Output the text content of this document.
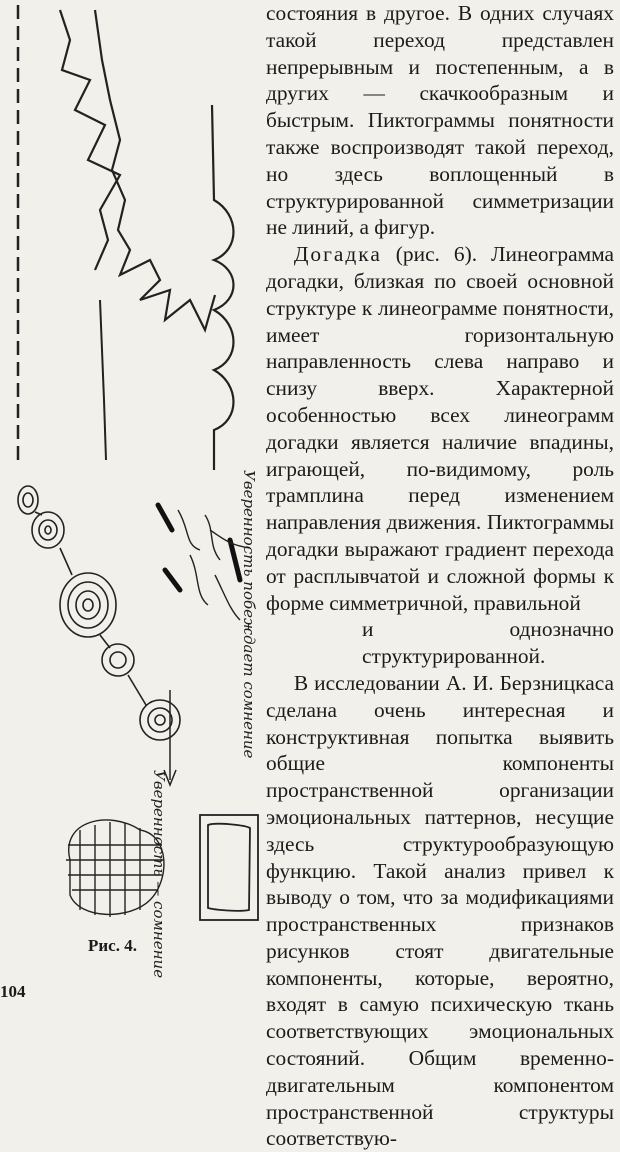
Уверенность побеждает сомнение
Уверенность — сомнение
Рис. 4.
104

состояния в другое. В одних случаях такой переход представлен непрерывным и постепенным, а в других — скачкообразным и быстрым. Пиктограммы понятности также воспроизводят такой переход, но здесь воплощенный в структурированной симметризации не линий, а фигур.

Догадка (рис. 6). Линеограмма догадки, близкая по своей основной структуре к линеограмме понятности, имеет горизонтальную направленность слева направо и снизу вверх. Характерной особенностью всех линеограмм догадки является наличие впадины, играющей, по-видимому, роль трамплина перед изменением направления движения. Пиктограммы догадки выражают градиент перехода от расплывчатой и сложной формы к форме симметричной, правильной

и однозначно структурированной.

В исследовании А. И. Берзницкаса сделана очень интересная и конструктивная попытка выявить общие компоненты пространственной организации эмоциональных паттернов, несущие здесь структурообразующую функцию. Такой анализ привел к выводу о том, что за модификациями пространственных признаков рисунков стоят двигательные компоненты, которые, вероятно, входят в самую психическую ткань соответствующих эмоциональных состояний. Общим временно-двигательным компонентом пространственной структуры соответствую-
